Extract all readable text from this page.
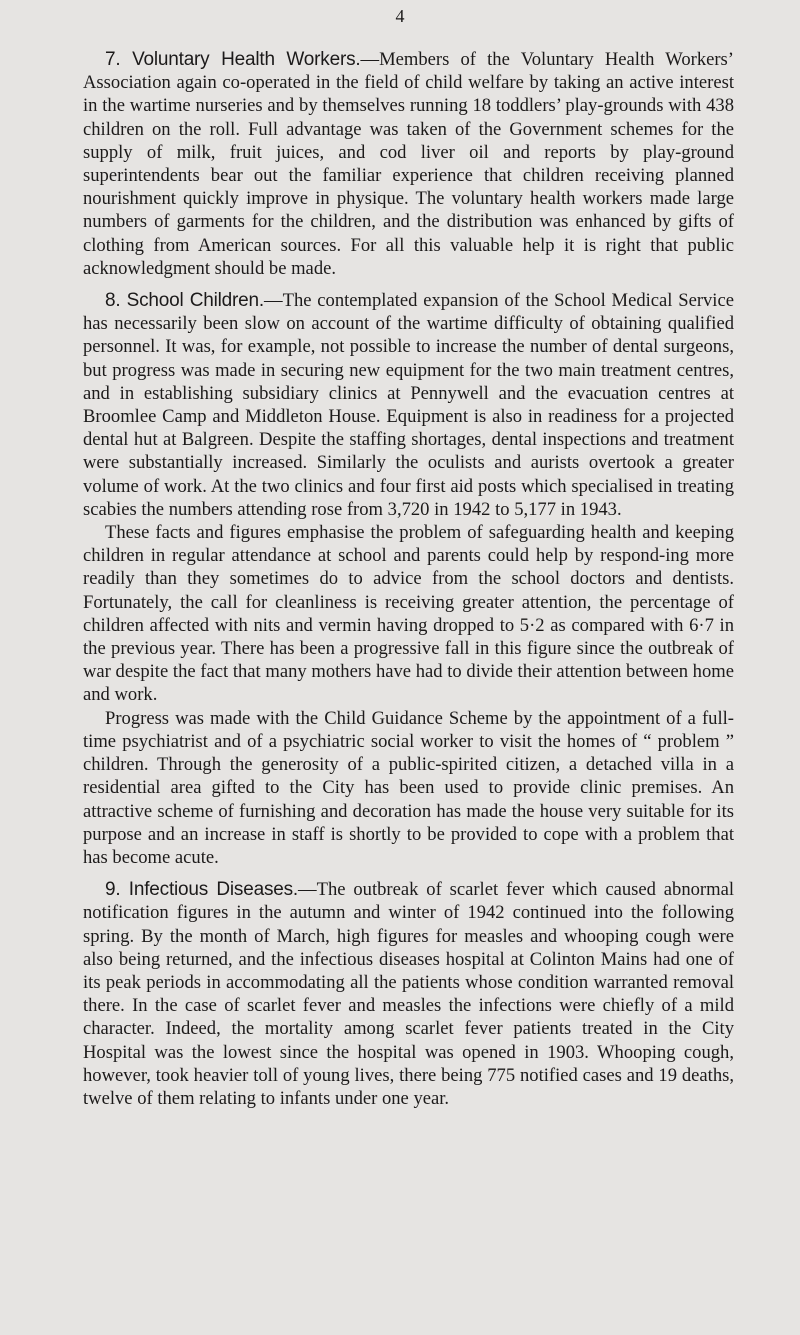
4

7. Voluntary Health Workers.—Members of the Voluntary Health Workers’ Association again co-operated in the field of child welfare by taking an active interest in the wartime nurseries and by themselves running 18 toddlers’ play-grounds with 438 children on the roll. Full advantage was taken of the Government schemes for the supply of milk, fruit juices, and cod liver oil and reports by play-ground superintendents bear out the familiar experience that children receiving planned nourishment quickly improve in physique. The voluntary health workers made large numbers of garments for the children, and the distribution was enhanced by gifts of clothing from American sources. For all this valuable help it is right that public acknowledgment should be made.

8. School Children.—The contemplated expansion of the School Medical Service has necessarily been slow on account of the wartime difficulty of obtaining qualified personnel. It was, for example, not possible to increase the number of dental surgeons, but progress was made in securing new equipment for the two main treatment centres, and in establishing subsidiary clinics at Pennywell and the evacuation centres at Broomlee Camp and Middleton House. Equipment is also in readiness for a projected dental hut at Balgreen. Despite the staffing shortages, dental inspections and treatment were substantially increased. Similarly the oculists and aurists overtook a greater volume of work. At the two clinics and four first aid posts which specialised in treating scabies the numbers attending rose from 3,720 in 1942 to 5,177 in 1943.

These facts and figures emphasise the problem of safeguarding health and keeping children in regular attendance at school and parents could help by respond-ing more readily than they sometimes do to advice from the school doctors and dentists. Fortunately, the call for cleanliness is receiving greater attention, the percentage of children affected with nits and vermin having dropped to 5·2 as compared with 6·7 in the previous year. There has been a progressive fall in this figure since the outbreak of war despite the fact that many mothers have had to divide their attention between home and work.

Progress was made with the Child Guidance Scheme by the appointment of a full-time psychiatrist and of a psychiatric social worker to visit the homes of “ problem ” children. Through the generosity of a public-spirited citizen, a detached villa in a residential area gifted to the City has been used to provide clinic premises. An attractive scheme of furnishing and decoration has made the house very suitable for its purpose and an increase in staff is shortly to be provided to cope with a problem that has become acute.

9. Infectious Diseases.—The outbreak of scarlet fever which caused abnormal notification figures in the autumn and winter of 1942 continued into the following spring. By the month of March, high figures for measles and whooping cough were also being returned, and the infectious diseases hospital at Colinton Mains had one of its peak periods in accommodating all the patients whose condition warranted removal there. In the case of scarlet fever and measles the infections were chiefly of a mild character. Indeed, the mortality among scarlet fever patients treated in the City Hospital was the lowest since the hospital was opened in 1903. Whooping cough, however, took heavier toll of young lives, there being 775 notified cases and 19 deaths, twelve of them relating to infants under one year.
